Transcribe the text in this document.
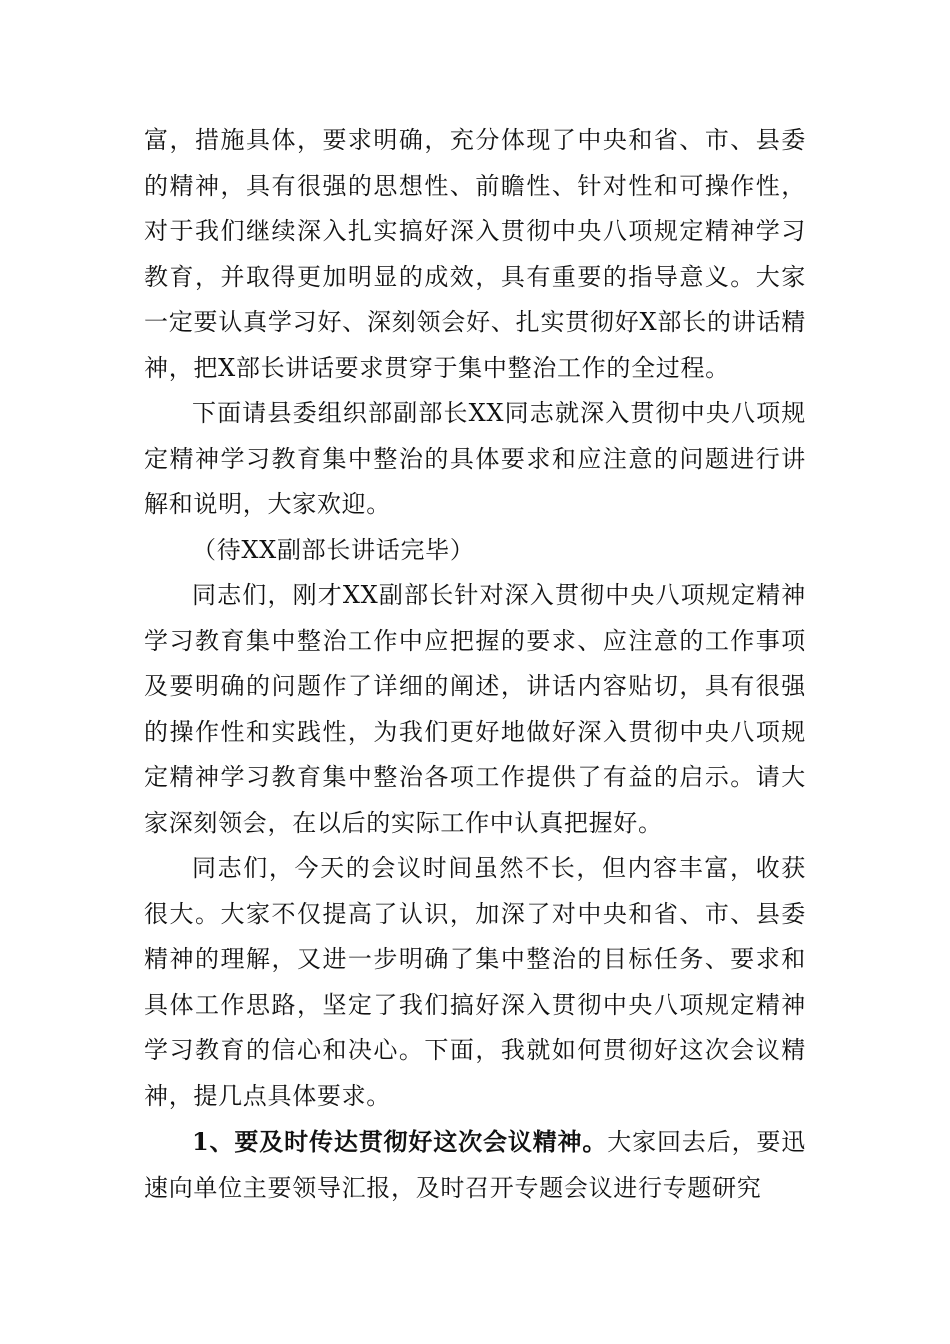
富，措施具体，要求明确，充分体现了中央和省、市、县委的精神，具有很强的思想性、前瞻性、针对性和可操作性，对于我们继续深入扎实搞好深入贯彻中央八项规定精神学习教育，并取得更加明显的成效，具有重要的指导意义。大家一定要认真学习好、深刻领会好、扎实贯彻好X部长的讲话精神，把X部长讲话要求贯穿于集中整治工作的全过程。

下面请县委组织部副部长XX同志就深入贯彻中央八项规定精神学习教育集中整治的具体要求和应注意的问题进行讲解和说明，大家欢迎。

（待XX副部长讲话完毕）

同志们，刚才XX副部长针对深入贯彻中央八项规定精神学习教育集中整治工作中应把握的要求、应注意的工作事项及要明确的问题作了详细的阐述，讲话内容贴切，具有很强的操作性和实践性，为我们更好地做好深入贯彻中央八项规定精神学习教育集中整治各项工作提供了有益的启示。请大家深刻领会，在以后的实际工作中认真把握好。

同志们，今天的会议时间虽然不长，但内容丰富，收获很大。大家不仅提高了认识，加深了对中央和省、市、县委精神的理解，又进一步明确了集中整治的目标任务、要求和具体工作思路，坚定了我们搞好深入贯彻中央八项规定精神学习教育的信心和决心。下面，我就如何贯彻好这次会议精神，提几点具体要求。

1、要及时传达贯彻好这次会议精神。大家回去后，要迅速向单位主要领导汇报，及时召开专题会议进行专题研究
